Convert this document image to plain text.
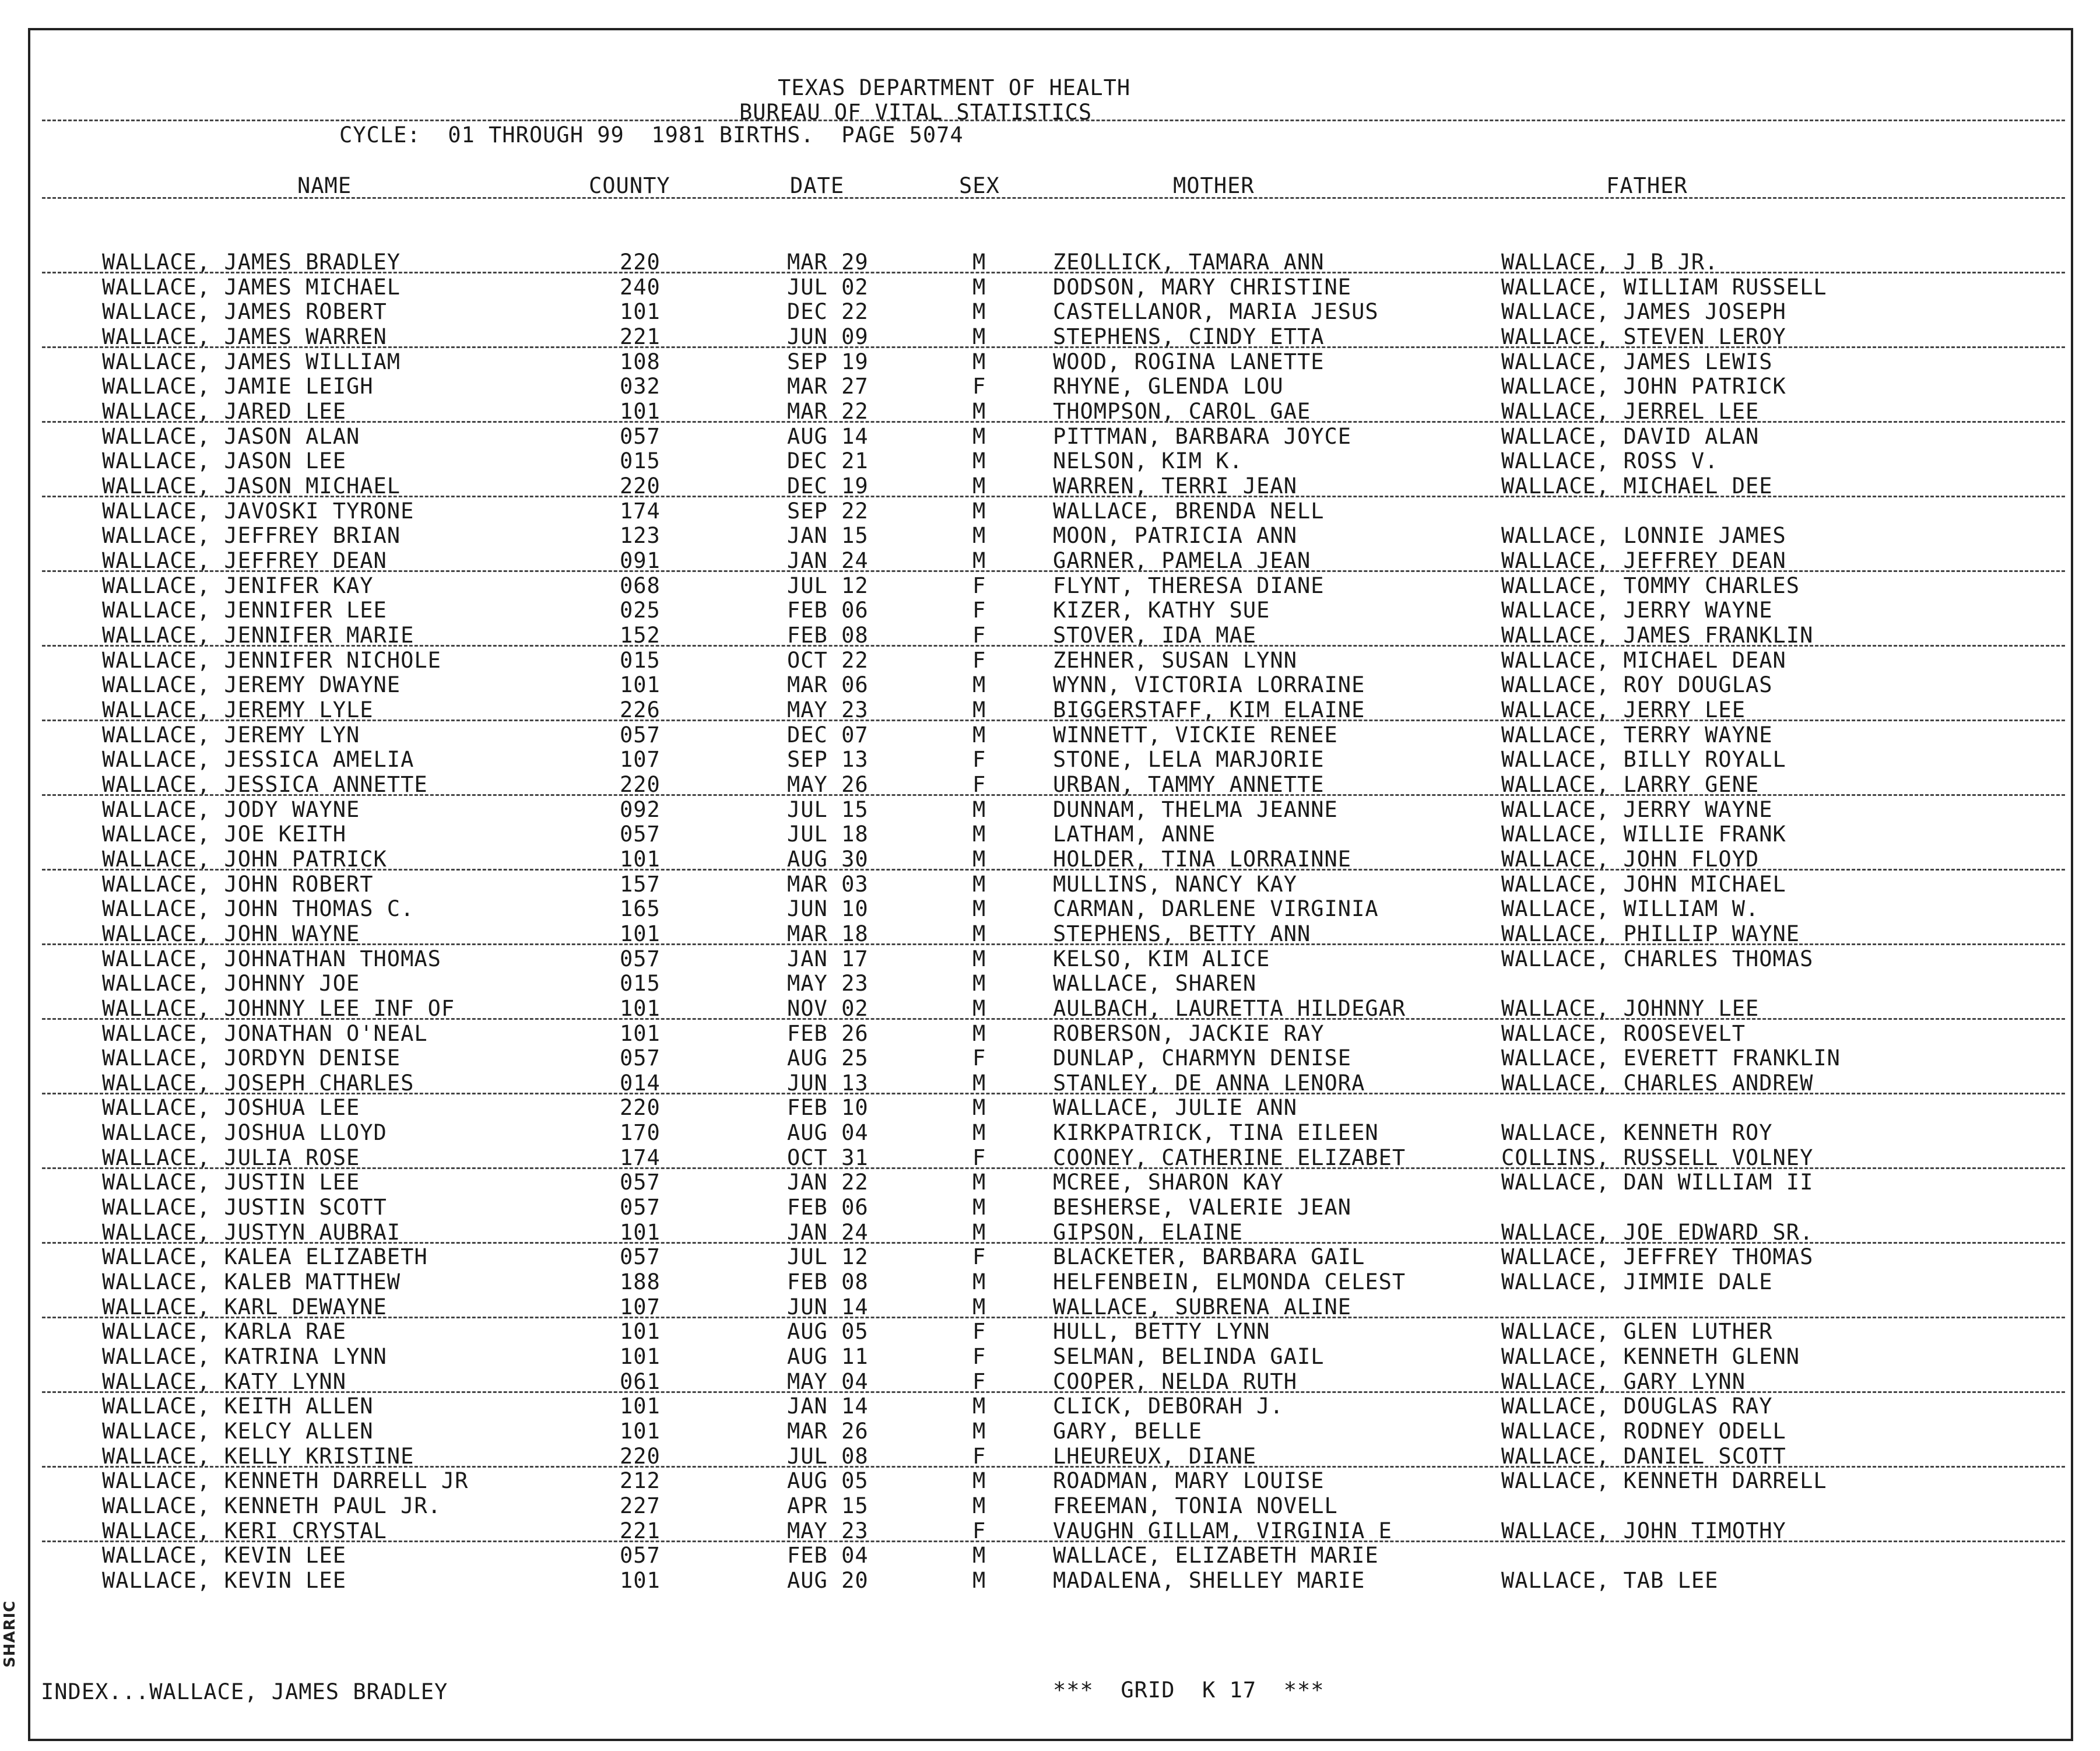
TEXAS DEPARTMENT OF HEALTH
BUREAU OF VITAL STATISTICS
CYCLE:  01 THROUGH 99  1981 BIRTHS.  PAGE 5074
NAME	COUNTY	DATE	SEX	MOTHER	FATHER
WALLACE, JAMES BRADLEY	220	MAR 29	M	ZEOLLICK, TAMARA ANN	WALLACE, J B JR.
WALLACE, JAMES MICHAEL	240	JUL 02	M	DODSON, MARY CHRISTINE	WALLACE, WILLIAM RUSSELL
WALLACE, JAMES ROBERT	101	DEC 22	M	CASTELLANOR, MARIA JESUS	WALLACE, JAMES JOSEPH
WALLACE, JAMES WARREN	221	JUN 09	M	STEPHENS, CINDY ETTA	WALLACE, STEVEN LEROY
WALLACE, JAMES WILLIAM	108	SEP 19	M	WOOD, ROGINA LANETTE	WALLACE, JAMES LEWIS
WALLACE, JAMIE LEIGH	032	MAR 27	F	RHYNE, GLENDA LOU	WALLACE, JOHN PATRICK
WALLACE, JARED LEE	101	MAR 22	M	THOMPSON, CAROL GAE	WALLACE, JERREL LEE
WALLACE, JASON ALAN	057	AUG 14	M	PITTMAN, BARBARA JOYCE	WALLACE, DAVID ALAN
WALLACE, JASON LEE	015	DEC 21	M	NELSON, KIM K.	WALLACE, ROSS V.
WALLACE, JASON MICHAEL	220	DEC 19	M	WARREN, TERRI JEAN	WALLACE, MICHAEL DEE
WALLACE, JAVOSKI TYRONE	174	SEP 22	M	WALLACE, BRENDA NELL
WALLACE, JEFFREY BRIAN	123	JAN 15	M	MOON, PATRICIA ANN	WALLACE, LONNIE JAMES
WALLACE, JEFFREY DEAN	091	JAN 24	M	GARNER, PAMELA JEAN	WALLACE, JEFFREY DEAN
WALLACE, JENIFER KAY	068	JUL 12	F	FLYNT, THERESA DIANE	WALLACE, TOMMY CHARLES
WALLACE, JENNIFER LEE	025	FEB 06	F	KIZER, KATHY SUE	WALLACE, JERRY WAYNE
WALLACE, JENNIFER MARIE	152	FEB 08	F	STOVER, IDA MAE	WALLACE, JAMES FRANKLIN
WALLACE, JENNIFER NICHOLE	015	OCT 22	F	ZEHNER, SUSAN LYNN	WALLACE, MICHAEL DEAN
WALLACE, JEREMY DWAYNE	101	MAR 06	M	WYNN, VICTORIA LORRAINE	WALLACE, ROY DOUGLAS
WALLACE, JEREMY LYLE	226	MAY 23	M	BIGGERSTAFF, KIM ELAINE	WALLACE, JERRY LEE
WALLACE, JEREMY LYN	057	DEC 07	M	WINNETT, VICKIE RENEE	WALLACE, TERRY WAYNE
WALLACE, JESSICA AMELIA	107	SEP 13	F	STONE, LELA MARJORIE	WALLACE, BILLY ROYALL
WALLACE, JESSICA ANNETTE	220	MAY 26	F	URBAN, TAMMY ANNETTE	WALLACE, LARRY GENE
WALLACE, JODY WAYNE	092	JUL 15	M	DUNNAM, THELMA JEANNE	WALLACE, JERRY WAYNE
WALLACE, JOE KEITH	057	JUL 18	M	LATHAM, ANNE	WALLACE, WILLIE FRANK
WALLACE, JOHN PATRICK	101	AUG 30	M	HOLDER, TINA LORRAINNE	WALLACE, JOHN FLOYD
WALLACE, JOHN ROBERT	157	MAR 03	M	MULLINS, NANCY KAY	WALLACE, JOHN MICHAEL
WALLACE, JOHN THOMAS C.	165	JUN 10	M	CARMAN, DARLENE VIRGINIA	WALLACE, WILLIAM W.
WALLACE, JOHN WAYNE	101	MAR 18	M	STEPHENS, BETTY ANN	WALLACE, PHILLIP WAYNE
WALLACE, JOHNATHAN THOMAS	057	JAN 17	M	KELSO, KIM ALICE	WALLACE, CHARLES THOMAS
WALLACE, JOHNNY JOE	015	MAY 23	M	WALLACE, SHAREN
WALLACE, JOHNNY LEE INF OF	101	NOV 02	M	AULBACH, LAURETTA HILDEGAR	WALLACE, JOHNNY LEE
WALLACE, JONATHAN O'NEAL	101	FEB 26	M	ROBERSON, JACKIE RAY	WALLACE, ROOSEVELT
WALLACE, JORDYN DENISE	057	AUG 25	F	DUNLAP, CHARMYN DENISE	WALLACE, EVERETT FRANKLIN
WALLACE, JOSEPH CHARLES	014	JUN 13	M	STANLEY, DE ANNA LENORA	WALLACE, CHARLES ANDREW
WALLACE, JOSHUA LEE	220	FEB 10	M	WALLACE, JULIE ANN
WALLACE, JOSHUA LLOYD	170	AUG 04	M	KIRKPATRICK, TINA EILEEN	WALLACE, KENNETH ROY
WALLACE, JULIA ROSE	174	OCT 31	F	COONEY, CATHERINE ELIZABET	COLLINS, RUSSELL VOLNEY
WALLACE, JUSTIN LEE	057	JAN 22	M	MCREE, SHARON KAY	WALLACE, DAN WILLIAM II
WALLACE, JUSTIN SCOTT	057	FEB 06	M	BESHERSE, VALERIE JEAN
WALLACE, JUSTYN AUBRAI	101	JAN 24	M	GIPSON, ELAINE	WALLACE, JOE EDWARD SR.
WALLACE, KALEA ELIZABETH	057	JUL 12	F	BLACKETER, BARBARA GAIL	WALLACE, JEFFREY THOMAS
WALLACE, KALEB MATTHEW	188	FEB 08	M	HELFENBEIN, ELMONDA CELEST	WALLACE, JIMMIE DALE
WALLACE, KARL DEWAYNE	107	JUN 14	M	WALLACE, SUBRENA ALINE
WALLACE, KARLA RAE	101	AUG 05	F	HULL, BETTY LYNN	WALLACE, GLEN LUTHER
WALLACE, KATRINA LYNN	101	AUG 11	F	SELMAN, BELINDA GAIL	WALLACE, KENNETH GLENN
WALLACE, KATY LYNN	061	MAY 04	F	COOPER, NELDA RUTH	WALLACE, GARY LYNN
WALLACE, KEITH ALLEN	101	JAN 14	M	CLICK, DEBORAH J.	WALLACE, DOUGLAS RAY
WALLACE, KELCY ALLEN	101	MAR 26	M	GARY, BELLE	WALLACE, RODNEY ODELL
WALLACE, KELLY KRISTINE	220	JUL 08	F	LHEUREUX, DIANE	WALLACE, DANIEL SCOTT
WALLACE, KENNETH DARRELL JR	212	AUG 05	M	ROADMAN, MARY LOUISE	WALLACE, KENNETH DARRELL
WALLACE, KENNETH PAUL JR.	227	APR 15	M	FREEMAN, TONIA NOVELL
WALLACE, KERI CRYSTAL	221	MAY 23	F	VAUGHN GILLAM, VIRGINIA E	WALLACE, JOHN TIMOTHY
WALLACE, KEVIN LEE	057	FEB 04	M	WALLACE, ELIZABETH MARIE
WALLACE, KEVIN LEE	101	AUG 20	M	MADALENA, SHELLEY MARIE	WALLACE, TAB LEE
INDEX...WALLACE, JAMES BRADLEY	***  GRID  K 17  ***
SHARIC
